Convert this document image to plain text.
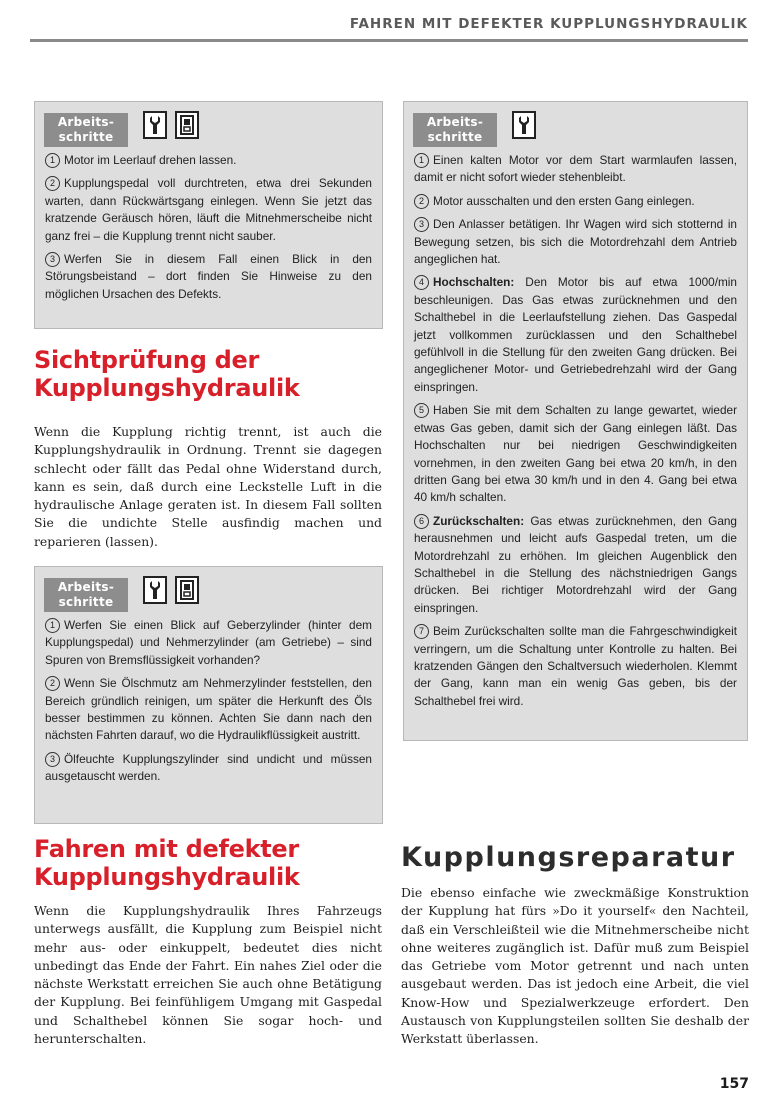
FAHREN MIT DEFEKTER KUPPLUNGSHYDRAULIK
Arbeits-
schritte
1 Motor im Leerlauf drehen lassen.
2 Kupplungspedal voll durchtreten, etwa drei Sekunden warten, dann Rückwärtsgang einlegen. Wenn Sie jetzt das kratzende Geräusch hören, läuft die Mitnehmerscheibe nicht ganz frei – die Kupplung trennt nicht sauber.
3 Werfen Sie in diesem Fall einen Blick in den Störungsbeistand – dort finden Sie Hinweise zu den möglichen Ursachen des Defekts.
Sichtprüfung der
Kupplungshydraulik
Wenn die Kupplung richtig trennt, ist auch die Kupplungshydraulik in Ordnung. Trennt sie dagegen schlecht oder fällt das Pedal ohne Widerstand durch, kann es sein, daß durch eine Leckstelle Luft in die hydraulische Anlage geraten ist. In diesem Fall sollten Sie die undichte Stelle ausfindig machen und reparieren (lassen).
Arbeits-
schritte
1 Werfen Sie einen Blick auf Geberzylinder (hinter dem Kupplungspedal) und Nehmerzylinder (am Getriebe) – sind Spuren von Bremsflüssigkeit vorhanden?
2 Wenn Sie Ölschmutz am Nehmerzylinder feststellen, den Bereich gründlich reinigen, um später die Herkunft des Öls besser bestimmen zu können. Achten Sie dann nach den nächsten Fahrten darauf, wo die Hydraulikflüssigkeit austritt.
3 Ölfeuchte Kupplungszylinder sind undicht und müssen ausgetauscht werden.
Fahren mit defekter
Kupplungshydraulik
Wenn die Kupplungshydraulik Ihres Fahrzeugs unterwegs ausfällt, die Kupplung zum Beispiel nicht mehr aus- oder einkuppelt, bedeutet dies nicht unbedingt das Ende der Fahrt. Ein nahes Ziel oder die nächste Werkstatt erreichen Sie auch ohne Betätigung der Kupplung. Bei feinfühligem Umgang mit Gaspedal und Schalthebel können Sie sogar hoch- und herunterschalten.
Arbeits-
schritte
1 Einen kalten Motor vor dem Start warmlaufen lassen, damit er nicht sofort wieder stehenbleibt.
2 Motor ausschalten und den ersten Gang einlegen.
3 Den Anlasser betätigen. Ihr Wagen wird sich stotternd in Bewegung setzen, bis sich die Motordrehzahl dem Antrieb angeglichen hat.
4 Hochschalten: Den Motor bis auf etwa 1000/min beschleunigen. Das Gas etwas zurücknehmen und den Schalthebel in die Leerlaufstellung ziehen. Das Gaspedal jetzt vollkommen zurücklassen und den Schalthebel gefühlvoll in die Stellung für den zweiten Gang drücken. Bei angeglichener Motor- und Getriebedrehzahl wird der Gang einspringen.
5 Haben Sie mit dem Schalten zu lange gewartet, wieder etwas Gas geben, damit sich der Gang einlegen läßt. Das Hochschalten nur bei niedrigen Geschwindigkeiten vornehmen, in den zweiten Gang bei etwa 20 km/h, in den dritten Gang bei etwa 30 km/h und in den 4. Gang bei etwa 40 km/h schalten.
6 Zurückschalten: Gas etwas zurücknehmen, den Gang herausnehmen und leicht aufs Gaspedal treten, um die Motordrehzahl zu erhöhen. Im gleichen Augenblick den Schalthebel in die Stellung des nächstniedrigen Gangs drücken. Bei richtiger Motordrehzahl wird der Gang einspringen.
7 Beim Zurückschalten sollte man die Fahrgeschwindigkeit verringern, um die Schaltung unter Kontrolle zu halten. Bei kratzenden Gängen den Schaltversuch wiederholen. Klemmt der Gang, kann man ein wenig Gas geben, bis der Schalthebel frei wird.
Kupplungsreparatur
Die ebenso einfache wie zweckmäßige Konstruktion der Kupplung hat fürs »Do it yourself« den Nachteil, daß ein Verschleißteil wie die Mitnehmerscheibe nicht ohne weiteres zugänglich ist. Dafür muß zum Beispiel das Getriebe vom Motor getrennt und nach unten ausgebaut werden. Das ist jedoch eine Arbeit, die viel Know-How und Spezialwerkzeuge erfordert. Den Austausch von Kupplungsteilen sollten Sie deshalb der Werkstatt überlassen.
157
